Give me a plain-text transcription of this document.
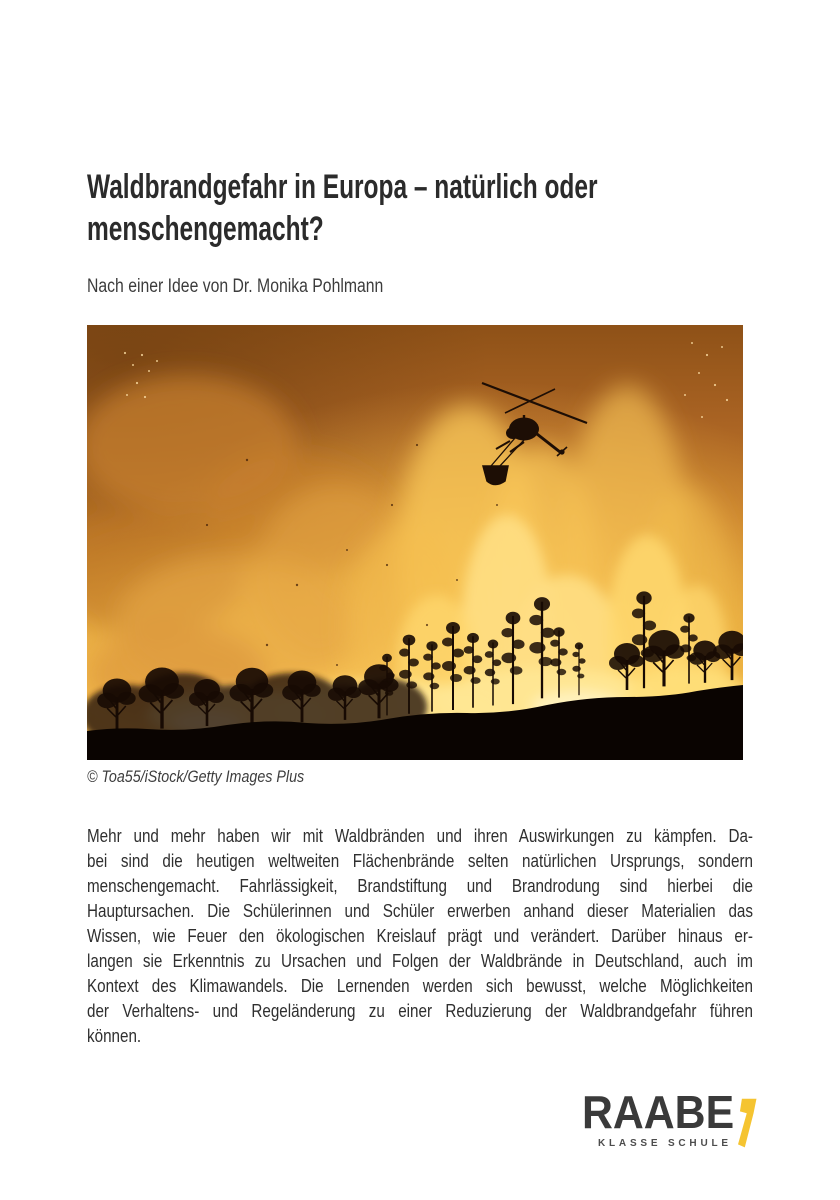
Waldbrandgefahr in Europa – natürlich oder
menschengemacht?
Nach einer Idee von Dr. Monika Pohlmann
© Toa55/iStock/Getty Images Plus
Mehr und mehr haben wir mit Waldbränden und ihren Auswirkungen zu kämpfen. Da-
bei sind die heutigen weltweiten Flächenbrände selten natürlichen Ursprungs, sondern
menschengemacht. Fahrlässigkeit, Brandstiftung und Brandrodung sind hierbei die
Hauptursachen. Die Schülerinnen und Schüler erwerben anhand dieser Materialien das
Wissen, wie Feuer den ökologischen Kreislauf prägt und verändert. Darüber hinaus er-
langen sie Erkenntnis zu Ursachen und Folgen der Waldbrände in Deutschland, auch im
Kontext des Klimawandels. Die Lernenden werden sich bewusst, welche Möglichkeiten
der Verhaltens- und Regeländerung zu einer Reduzierung der Waldbrandgefahr führen
können.
RAABE
KLASSE SCHULE
